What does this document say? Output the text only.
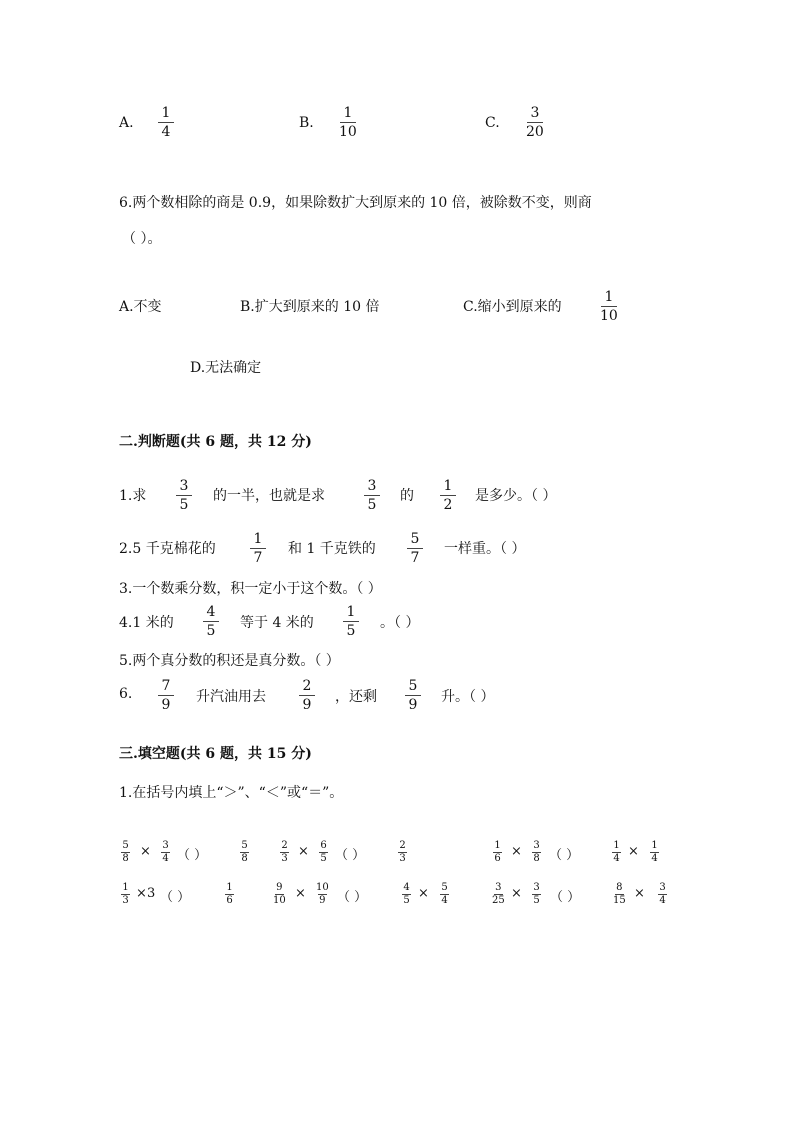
A.
1
4
B.
1
10
C.
3
20
6.两个数相除的商是 0.9，如果除数扩大到原来的 10 倍，被除数不变，则商
（ ）。
A.不变	B.扩大到原来的 10 倍	C.缩小到原来的
1
10
D.无法确定
二.判断题(共 6 题，共 12 分)
1.求
3
5
的一半，也就是求
3
5
的
1
2
是多少。（ ）
2.5 千克棉花的
1
7
和 1 千克铁的
5
7
一样重。（ ）
3.一个数乘分数，积一定小于这个数。（ ）
4.1 米的
4
5 等于 4 米的
1
5 。（ ）
5.两个真分数的积还是真分数。（ ）
6. 7
9 升汽油用去
2
9 ，还剩
5
9 升。（ ）
三.填空题(共 6 题，共 15 分)
1.在括号内填上“＞”、“＜”或“＝”。
5
8 × 3
4 （ ）
5
8
2
3 × 6
5 （ ）
2
3
1
6 × 3
8 （ ）
1
4 × 1
4
1
3 × 3 （ ）
1
6
9
10 × 10
9 （ ）
4
5 × 5
4
3
25 × 3
5 （ ）
8
15 × 3
4
